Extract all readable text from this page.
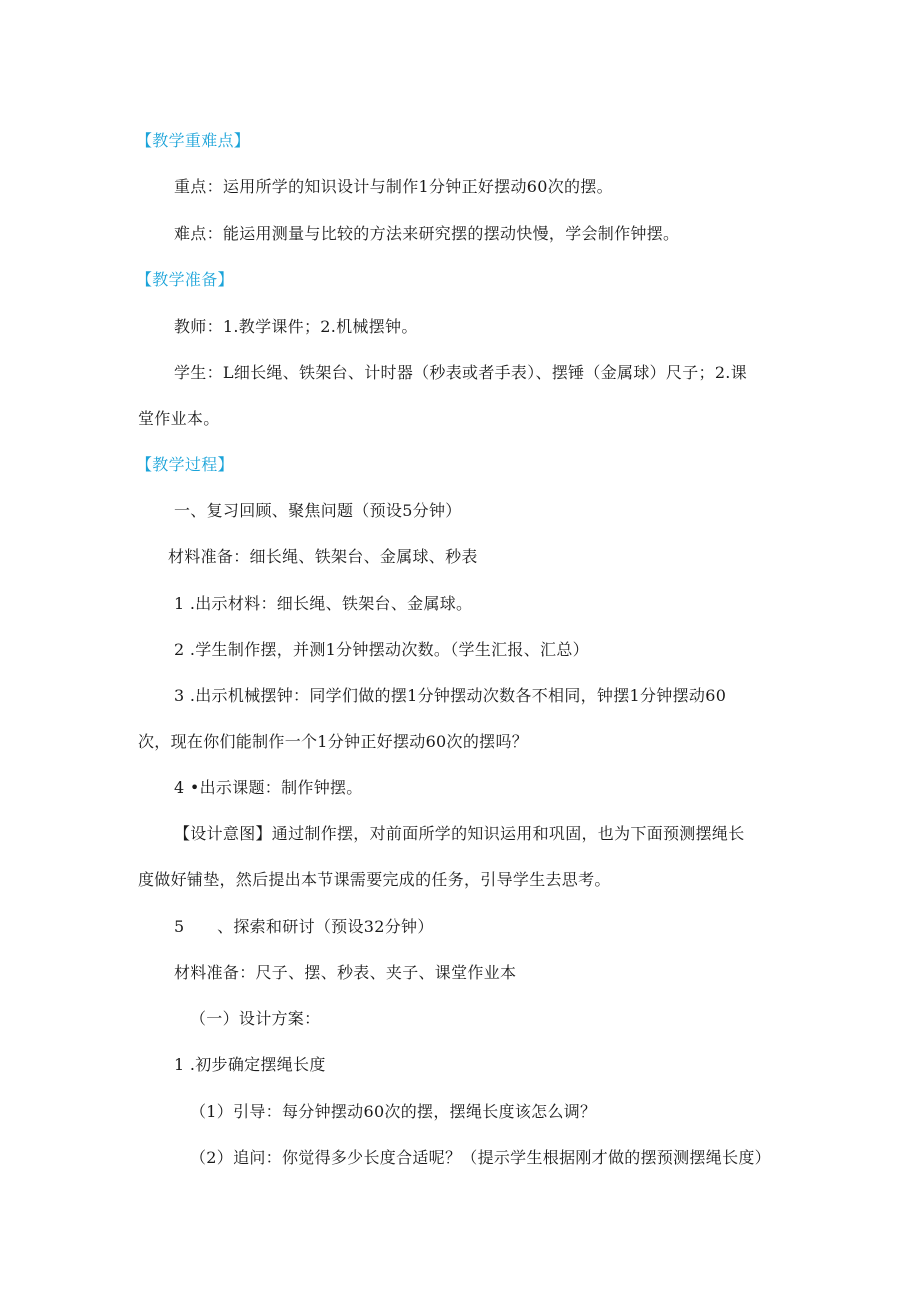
【教学重难点】
重点：运用所学的知识设计与制作1分钟正好摆动60次的摆。
难点：能运用测量与比较的方法来研究摆的摆动快慢，学会制作钟摆。
【教学准备】
教师：1.教学课件；2.机械摆钟。
学生：L细长绳、铁架台、计时器（秒表或者手表）、摆锤（金属球）尺子；2.课
堂作业本。
【教学过程】
一、复习回顾、聚焦问题（预设5分钟）
材料准备：细长绳、铁架台、金属球、秒表
1 .出示材料：细长绳、铁架台、金属球。
2 .学生制作摆，并测1分钟摆动次数。（学生汇报、汇总）
3 .出示机械摆钟：同学们做的摆1分钟摆动次数各不相同，钟摆1分钟摆动60
次，现在你们能制作一个1分钟正好摆动60次的摆吗？
4 •出示课题：制作钟摆。
【设计意图】通过制作摆，对前面所学的知识运用和巩固，也为下面预测摆绳长
度做好铺垫，然后提出本节课需要完成的任务，引导学生去思考。
5　　、探索和研讨（预设32分钟）
材料准备：尺子、摆、秒表、夹子、课堂作业本
（一）设计方案：
1 .初步确定摆绳长度
（1）引导：每分钟摆动60次的摆，摆绳长度该怎么调？
（2）追问：你觉得多少长度合适呢？（提示学生根据刚才做的摆预测摆绳长度）
